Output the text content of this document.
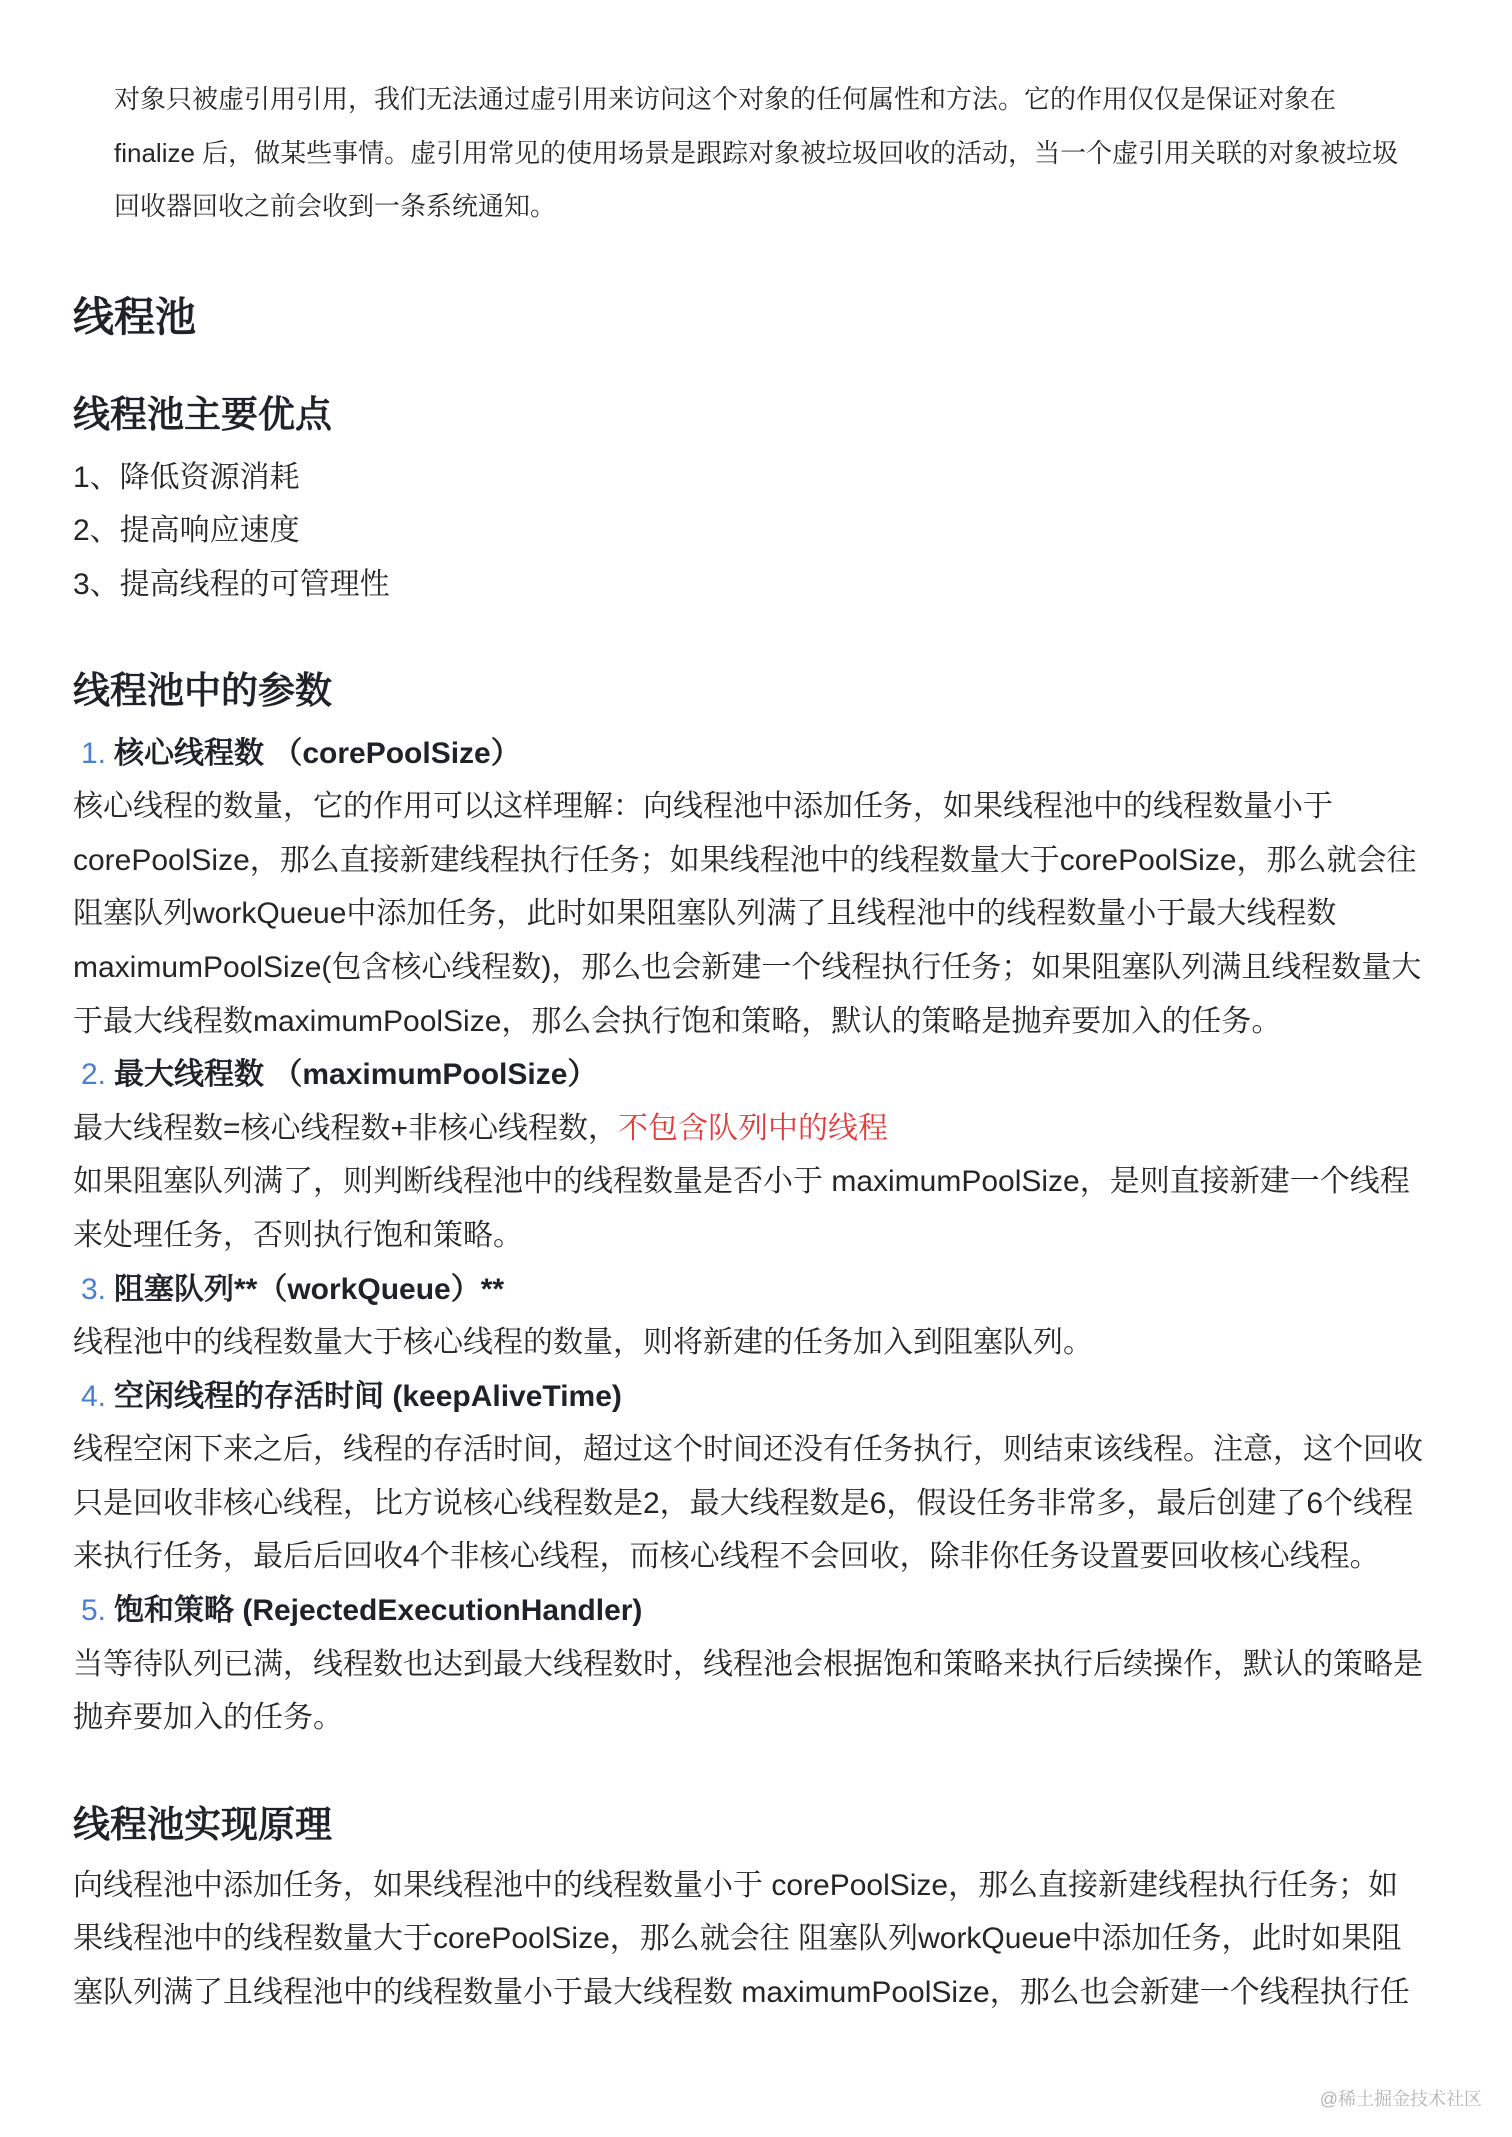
对象只被虚引用引用，我们无法通过虚引用来访问这个对象的任何属性和方法。它的作用仅仅是保证对象在
finalize 后，做某些事情。虚引用常见的使用场景是跟踪对象被垃圾回收的活动，当一个虚引用关联的对象被垃圾
回收器回收之前会收到一条系统通知。
线程池
线程池主要优点
1、降低资源消耗
2、提高响应速度
3、提高线程的可管理性
线程池中的参数
1. 核心线程数 （corePoolSize）
核心线程的数量，它的作用可以这样理解：向线程池中添加任务，如果线程池中的线程数量小于
corePoolSize，那么直接新建线程执行任务；如果线程池中的线程数量大于corePoolSize，那么就会往
阻塞队列workQueue中添加任务，此时如果阻塞队列满了且线程池中的线程数量小于最大线程数
maximumPoolSize(包含核心线程数)，那么也会新建一个线程执行任务；如果阻塞队列满且线程数量大
于最大线程数maximumPoolSize，那么会执行饱和策略，默认的策略是抛弃要加入的任务。
2. 最大线程数 （maximumPoolSize）
最大线程数=核心线程数+非核心线程数，不包含队列中的线程
如果阻塞队列满了，则判断线程池中的线程数量是否小于 maximumPoolSize，是则直接新建一个线程
来处理任务，否则执行饱和策略。
3. 阻塞队列**（workQueue）**
线程池中的线程数量大于核心线程的数量，则将新建的任务加入到阻塞队列。
4. 空闲线程的存活时间 (keepAliveTime)
线程空闲下来之后，线程的存活时间，超过这个时间还没有任务执行，则结束该线程。注意，这个回收
只是回收非核心线程，比方说核心线程数是2，最大线程数是6，假设任务非常多，最后创建了6个线程
来执行任务，最后后回收4个非核心线程，而核心线程不会回收，除非你任务设置要回收核心线程。
5. 饱和策略 (RejectedExecutionHandler)
当等待队列已满，线程数也达到最大线程数时，线程池会根据饱和策略来执行后续操作，默认的策略是
抛弃要加入的任务。
线程池实现原理
向线程池中添加任务，如果线程池中的线程数量小于 corePoolSize，那么直接新建线程执行任务；如
果线程池中的线程数量大于corePoolSize，那么就会往 阻塞队列workQueue中添加任务，此时如果阻
塞队列满了且线程池中的线程数量小于最大线程数 maximumPoolSize，那么也会新建一个线程执行任
@稀土掘金技术社区
